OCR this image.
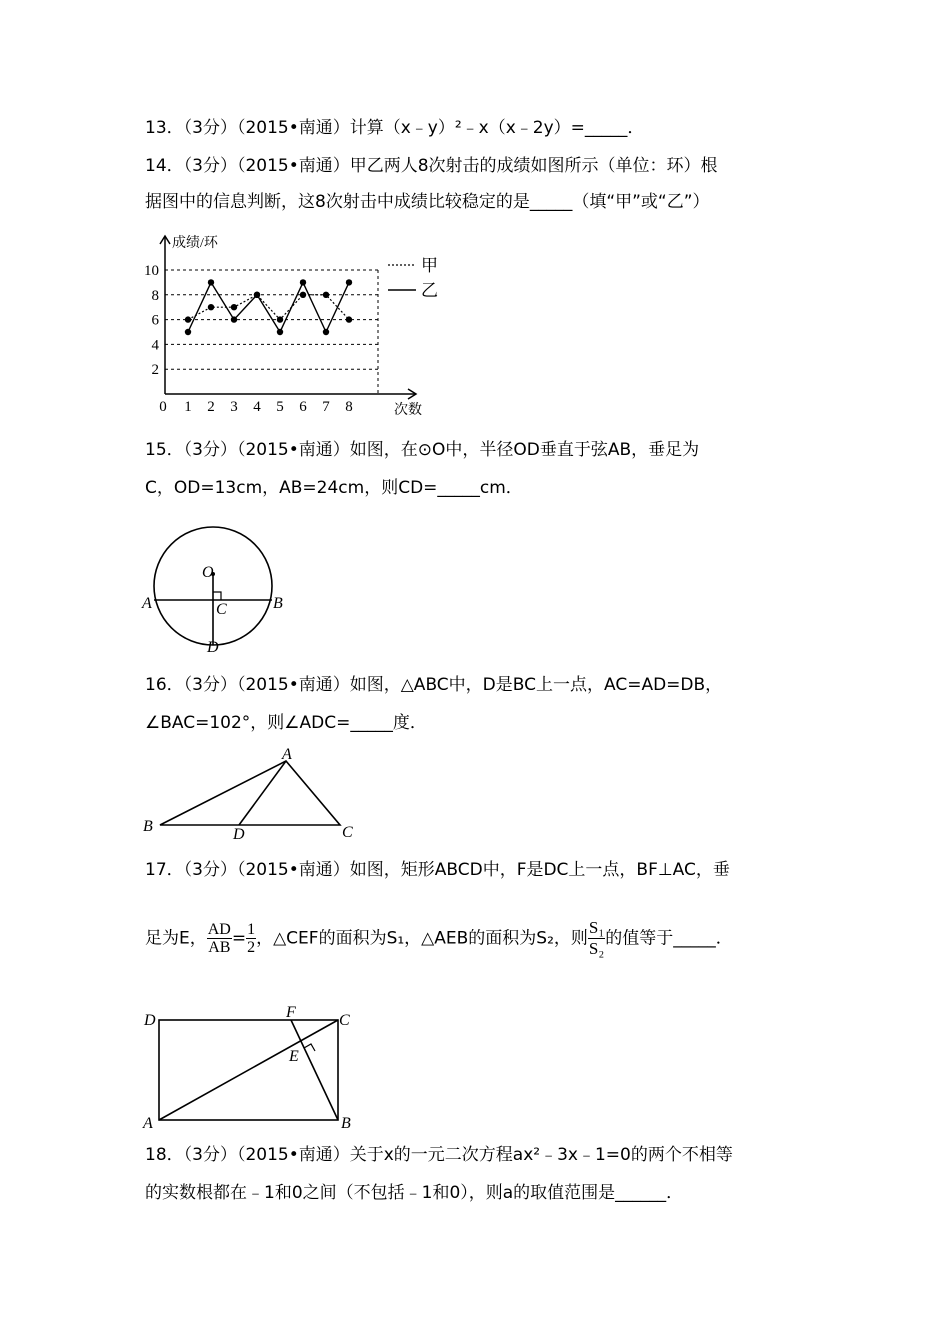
13．（3分）（2015•南通）计算（x﹣y）²﹣x（x﹣2y）=_____．
14．（3分）（2015•南通）甲乙两人8次射击的成绩如图所示（单位：环）根
据图中的信息判断，这8次射击中成绩比较稳定的是_____（填“甲”或“乙”）
2
4
6
8
10
0 1 2 3 4 5 6 7 8
成绩/环
次数
甲
乙
15．（3分）（2015•南通）如图，在⊙O中，半径OD垂直于弦AB，垂足为
C，OD=13cm，AB=24cm，则CD=_____cm．
O
A	B
C
D
16．（3分）（2015•南通）如图，△ABC中，D是BC上一点，AC=AD=DB，
∠BAC=102°，则∠ADC=_____度．
A
B	C
D
17．（3分）（2015•南通）如图，矩形ABCD中，F是DC上一点，BF⊥AC，垂
足为E， $\frac{AD}{AB} = \frac{1}{2}$ ，△CEF的面积为S₁，△AEB的面积为S₂，则 $\frac{\text{S₁}}{\text{S₂}}$ 的值等于_____．
D	C
F
E
A	B
18．（3分）（2015•南通）关于x的一元二次方程ax²﹣3x﹣1=0的两个不相等
的实数根都在﹣1和0之间（不包括﹣1和0），则a的取值范围是______．
